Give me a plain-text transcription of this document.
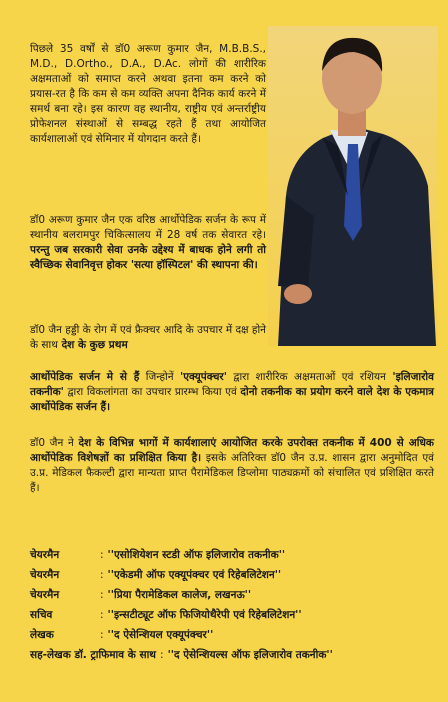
पिछले 35 वर्षों से डॉ0 अरूण कुमार जैन, M.B.B.S., M.D., D.Ortho., D.A., D.Ac. लोगों की शारीरिक अक्षमताओं को समाप्त करने अथवा इतना कम करने को प्रयास-रत है कि कम से कम व्यक्ति अपना दैनिक कार्य करने में समर्थ बना रहे। इस कारण वह स्थानीय, राष्ट्रीय एवं अन्तर्राष्ट्रीय प्रोफेशनल संस्थाओं से सम्बद्ध रहते हैं तथा आयोजित कार्यशालाओं एवं सेमिनार में योगदान करते हैं।

डॉ0 अरूण कुमार जैन एक वरिष्ठ आर्थोपेडिक सर्जन के रूप में स्थानीय बलरामपुर चिकित्सालय में 28 वर्ष तक सेवारत रहे। परन्तु जब सरकारी सेवा उनके उद्देश्य में बाधक होने लगी तो स्वैच्छिक सेवानिवृत्त होकर 'सत्या हॉस्पिटल' की स्थापना की।

डॉ0 जैन हड्डी के रोग में एवं फ्रैक्चर आदि के उपचार में दक्ष होने के साथ देश के कुछ प्रथम

आर्थोपेडिक सर्जन मे से हैं जिन्होनें 'एक्यूपंक्चर' द्वारा शारीरिक अक्षमताओं एवं रशियन 'इलिजारोव तकनीक' द्वारा विकलांगता का उपचार प्रारम्भ किया एवं दोनो तकनीक का प्रयोग करने वाले देश के एकमात्र आर्थोपेडिक सर्जन हैं।

डॉ0 जैन ने देश के विभिन्न भागों में कार्यशालाएं आयोजित करके उपरोक्त तकनीक में 400 से अधिक आर्थोपेडिक विशेषज्ञों का प्रशिक्षित किया है। इसके अतिरिक्त डॉ0 जैन उ.प्र. शासन द्वारा अनुमोदित एवं उ.प्र. मेडिकल फैकल्टी द्वारा मान्यता प्राप्त पैरामेडिकल डिप्लोमा पाठ्यक्रमों को संचालित एवं प्रशिक्षित करते हैं।

चेयरमैन	: ''एसोशियेशन स्टडी ऑफ इलिजारोव तकनीक''
चेयरमैन	: ''एकेडमी ऑफ एक्यूपंक्चर एवं रिहेबलिटेशन''
चेयरमैन	: ''प्रिया पैरामेडिकल कालेज, लखनऊ''
सचिव	: ''इन्सटीट्यूट ऑफ फिजियोथैरेपी एवं रिहेबलिटेशन''
लेखक	: ''द ऐसेन्शियल एक्यूपंक्चर''
सह-लेखक डॉ. ट्राफिमाव के साथ : ''द ऐसेन्शियल्स ऑफ इलिजारोव तकनीक''
